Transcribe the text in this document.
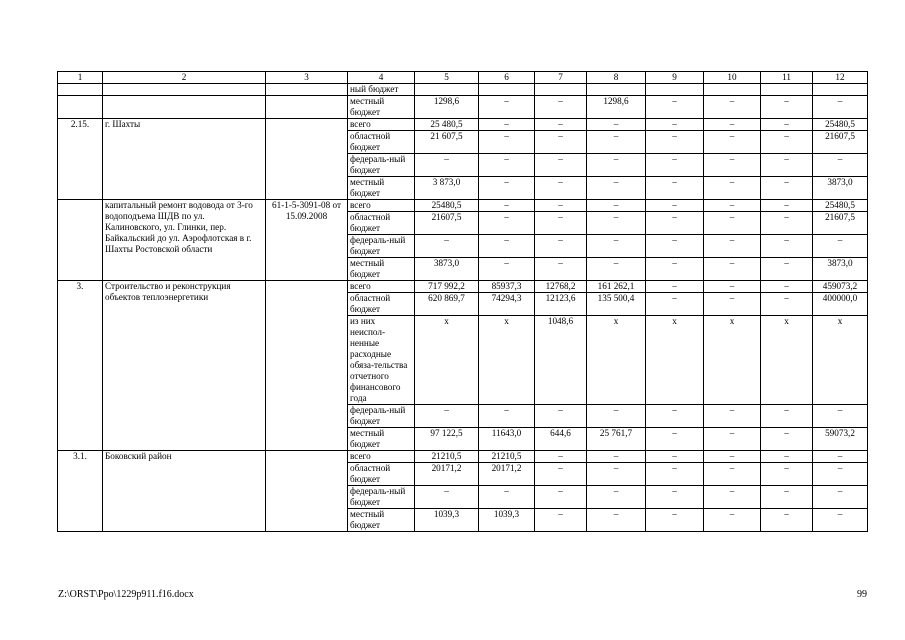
1	2	3	4	5	6	7	8	9	10	11	12
			ный бюджет								
			местный бюджет	1298,6	–	–	1298,6	–	–	–	–
2.15.	г. Шахты		всего	25 480,5	–	–	–	–	–	–	25480,5
			областной бюджет	21 607,5	–	–	–	–	–	–	21607,5
			федераль-ный бюджет	–	–	–	–	–	–	–	–
			местный бюджет	3 873,0	–	–	–	–	–	–	3873,0
	капитальный ремонт водовода от 3-го водоподъема ШДВ по ул. Калиновского, ул. Глинки, пер. Байкальский до ул. Аэрофлотская в г. Шахты Ростовской области	61-1-5-3091-08 от 15.09.2008	всего	25480,5	–	–	–	–	–	–	25480,5
			областной бюджет	21607,5	–	–	–	–	–	–	21607,5
			федераль-ный бюджет	–	–	–	–	–	–	–	–
			местный бюджет	3873,0	–	–	–	–	–	–	3873,0
3.	Строительство и реконструкция объектов теплоэнергетики		всего	717 992,2	85937,3	12768,2	161 262,1	–	–	–	459073,2
			областной бюджет	620 869,7	74294,3	12123,6	135 500,4	–	–	–	400000,0
			из них неиспол-ненные расходные обяза-тельства отчетного финансового года	х	х	1048,6	х	х	х	х	х
			федераль-ный бюджет	–	–	–	–	–	–	–	–
			местный бюджет	97 122,5	11643,0	644,6	25 761,7	–	–	–	59073,2
3.1.	Боковский район		всего	21210,5	21210,5	–	–	–	–	–	–
			областной бюджет	20171,2	20171,2	–	–	–	–	–	–
			федераль-ный бюджет	–	–	–	–	–	–	–	–
			местный бюджет	1039,3	1039,3	–	–	–	–	–	–
Z:\ORST\Ppo\1229p911.f16.docx	99
